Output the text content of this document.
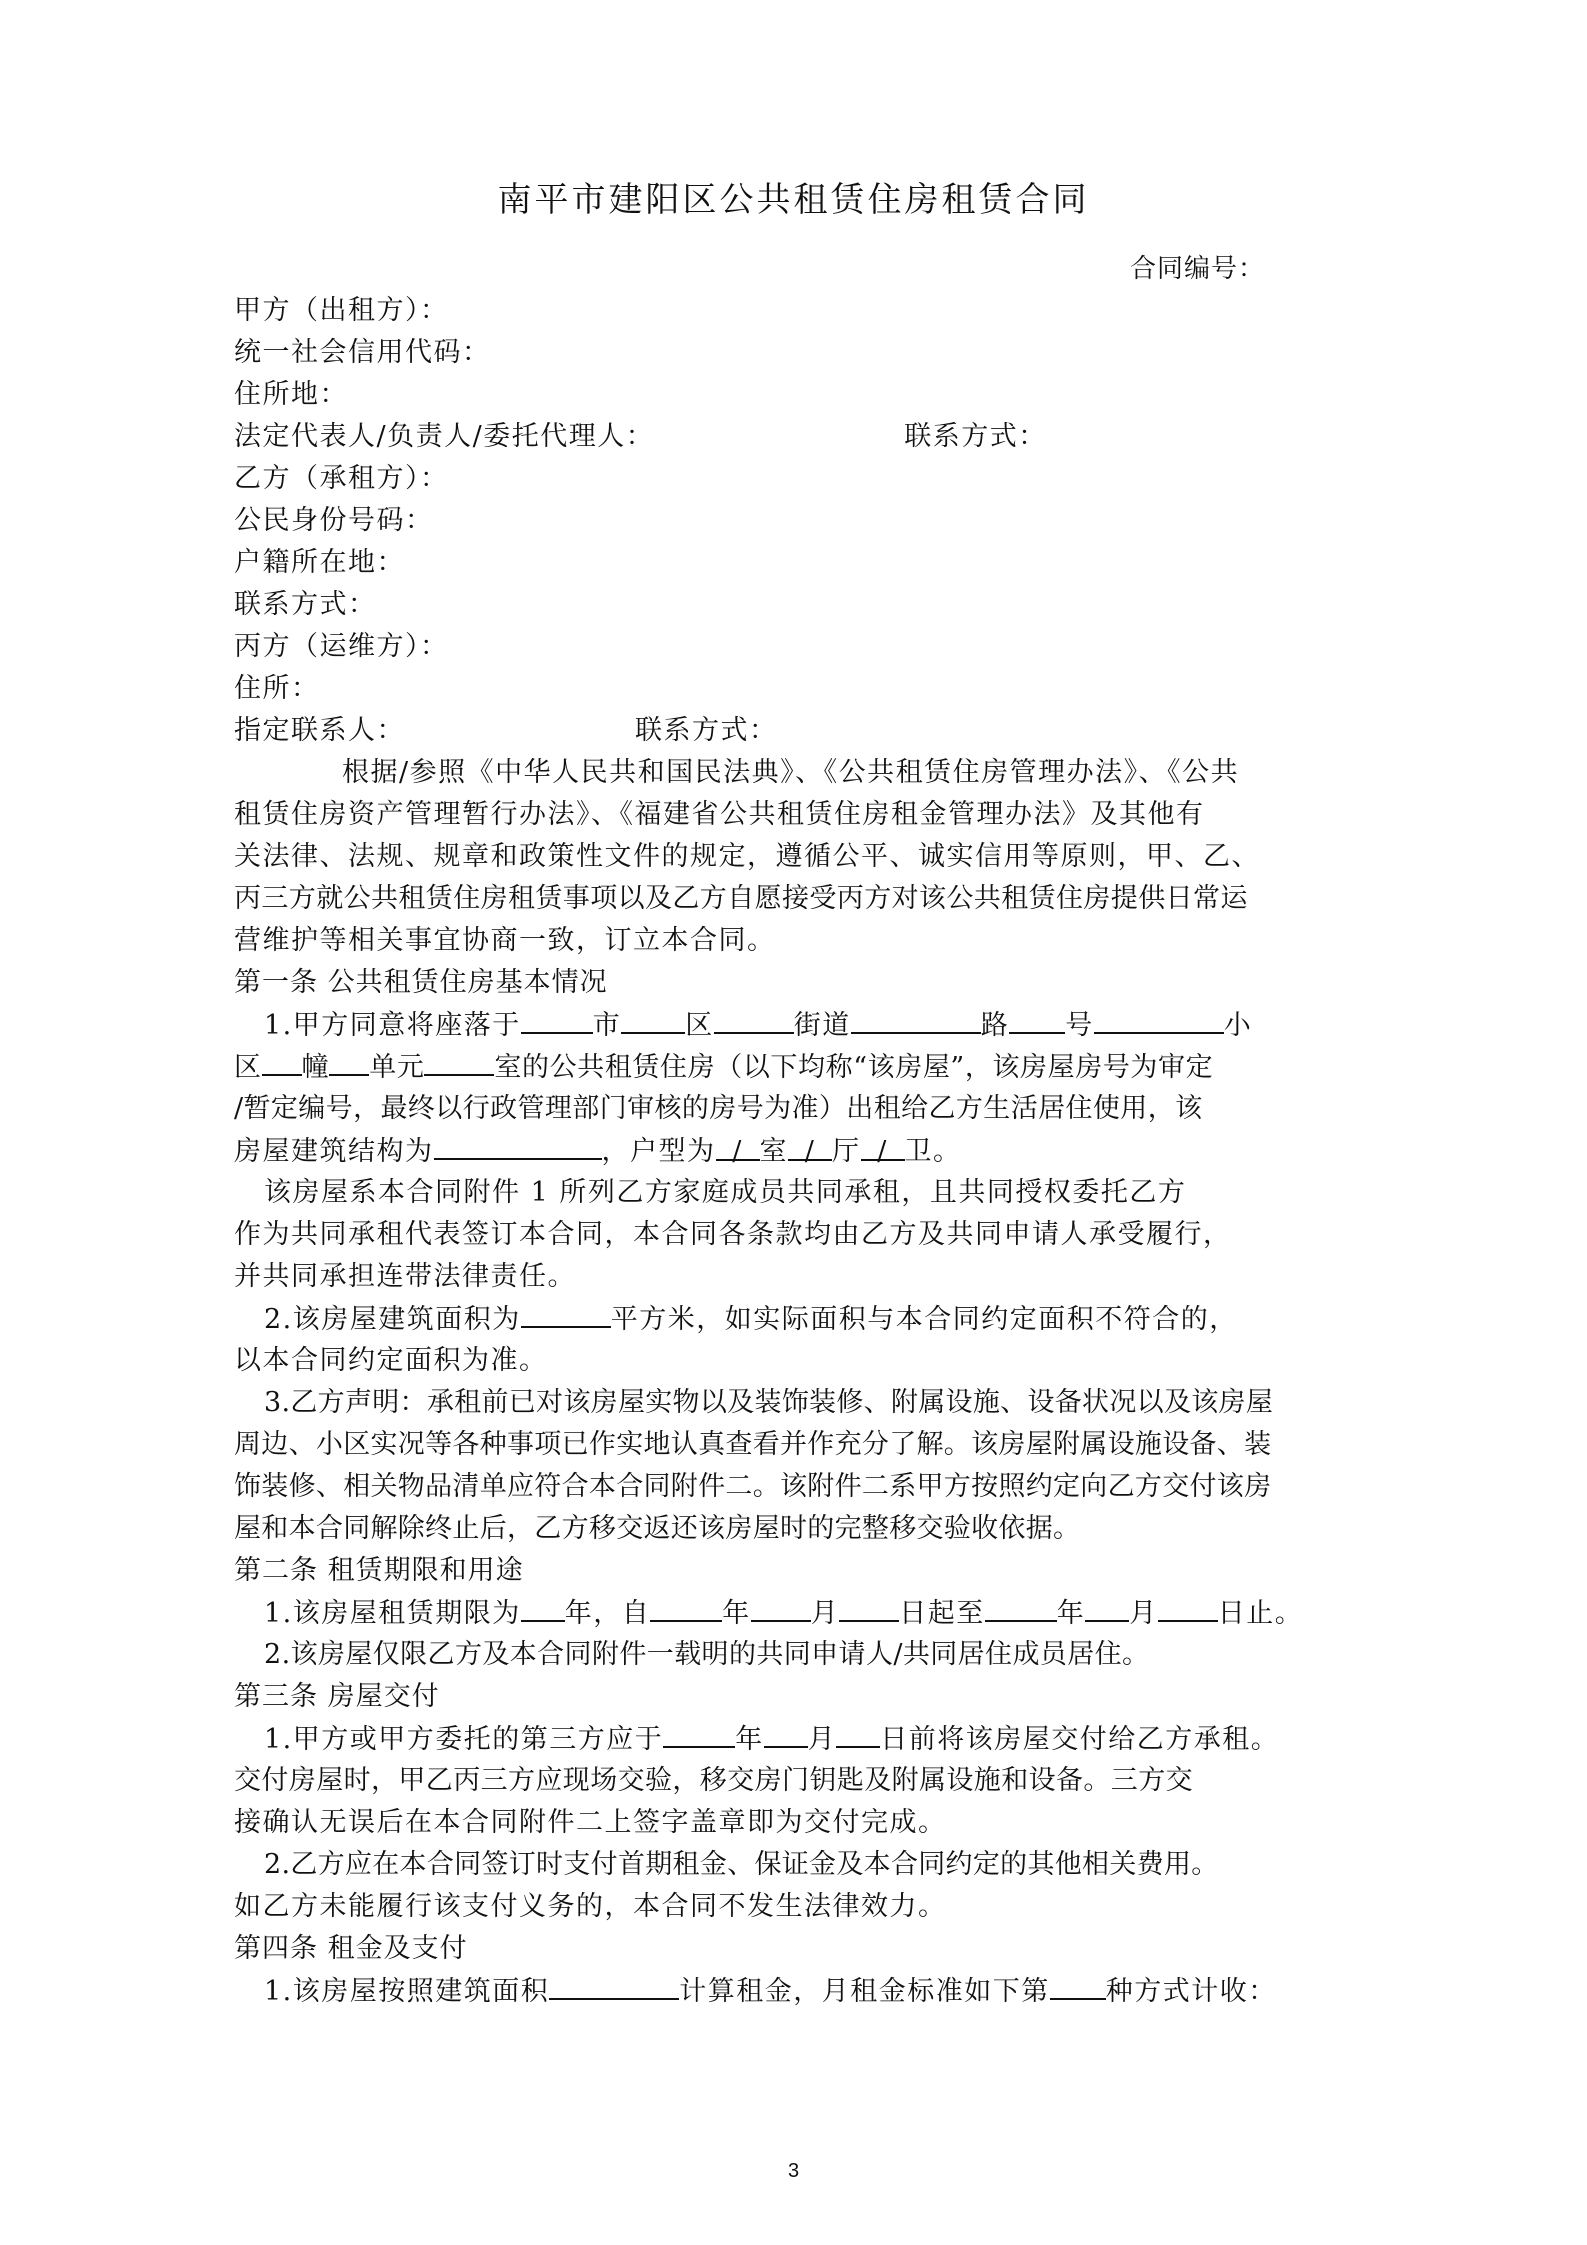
南平市建阳区公共租赁住房租赁合同
合同编号：
甲方（出租方）：
统一社会信用代码：
住所地：
法定代表人/负责人/委托代理人：	联系方式：
乙方（承租方）：
公民身份号码：
户籍所在地：
联系方式：
丙方（运维方）：
住所：
指定联系人：	联系方式：
根据/参照《中华人民共和国民法典》、《公共租赁住房管理办法》、《公共
租赁住房资产管理暂行办法》、《福建省公共租赁住房租金管理办法》及其他有
关法律、法规、规章和政策性文件的规定，遵循公平、诚实信用等原则，甲、乙、
丙三方就公共租赁住房租赁事项以及乙方自愿接受丙方对该公共租赁住房提供日常运
营维护等相关事宜协商一致，订立本合同。
第一条 公共租赁住房基本情况
1.甲方同意将座落于	市 区	街道	路 号	小
区 幢 单元	室的公共租赁住房（以下均称“该房屋”，该房屋房号为审定
/暂定编号，最终以行政管理部门审核的房号为准）出租给乙方生活居住使用，该
房屋建筑结构为	，户型为 / 室 / 厅 / 卫。
该房屋系本合同附件 1 所列乙方家庭成员共同承租，且共同授权委托乙方
作为共同承租代表签订本合同，本合同各条款均由乙方及共同申请人承受履行，
并共同承担连带法律责任。
2.该房屋建筑面积为	平方米，如实际面积与本合同约定面积不符合的，
以本合同约定面积为准。
3.乙方声明：承租前已对该房屋实物以及装饰装修、附属设施、设备状况以及该房屋
周边、小区实况等各种事项已作实地认真查看并作充分了解。该房屋附属设施设备、装
饰装修、相关物品清单应符合本合同附件二。该附件二系甲方按照约定向乙方交付该房
屋和本合同解除终止后，乙方移交返还该房屋时的完整移交验收依据。
第二条 租赁期限和用途
1.该房屋租赁期限为 年，自	年 月 日起至	年 月 日止。
2.该房屋仅限乙方及本合同附件一载明的共同申请人/共同居住成员居住。
第三条 房屋交付
1.甲方或甲方委托的第三方应于	年 月 日前将该房屋交付给乙方承租。
交付房屋时，甲乙丙三方应现场交验，移交房门钥匙及附属设施和设备。三方交
接确认无误后在本合同附件二上签字盖章即为交付完成。
2.乙方应在本合同签订时支付首期租金、保证金及本合同约定的其他相关费用。
如乙方未能履行该支付义务的，本合同不发生法律效力。
第四条 租金及支付
1.该房屋按照建筑面积	计算租金，月租金标准如下第 种方式计收：
3
